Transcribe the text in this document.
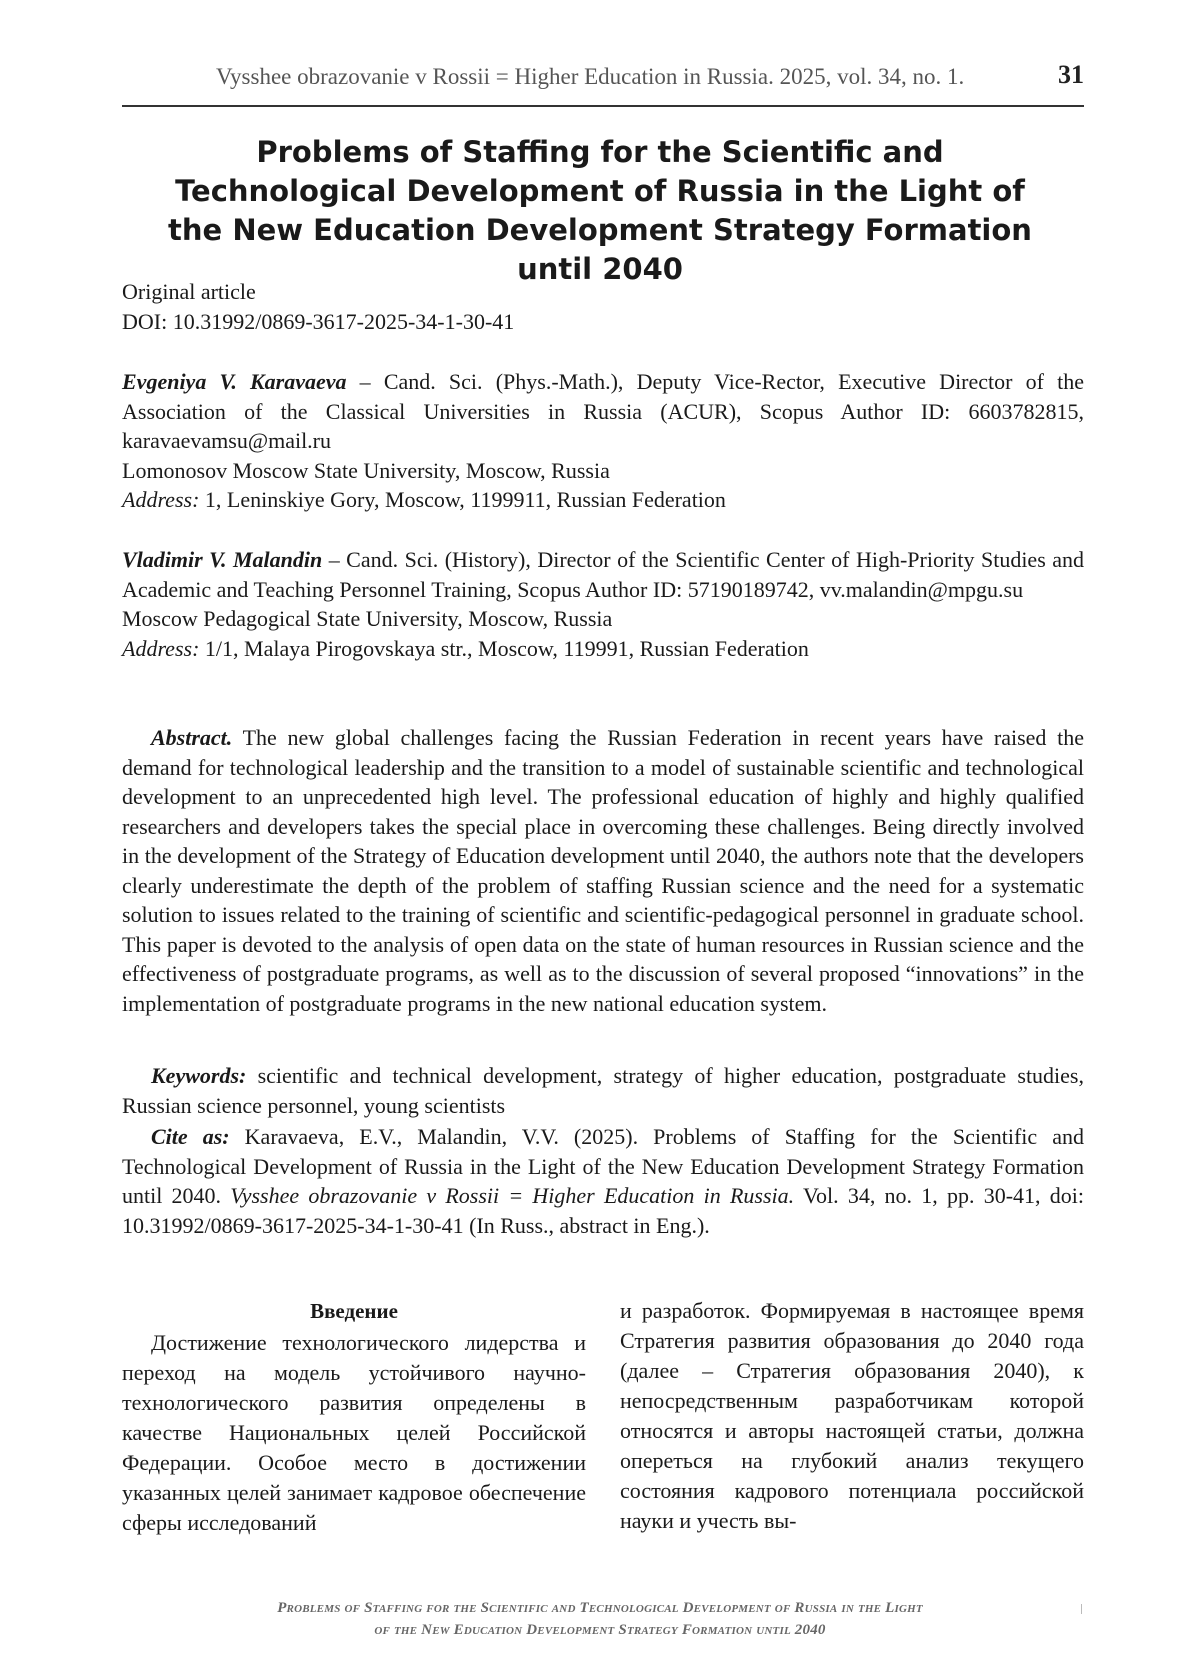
Vysshee obrazovanie v Rossii = Higher Education in Russia. 2025, vol. 34, no. 1.	31
Problems of Staffing for the Scientific and Technological Development of Russia in the Light of the New Education Development Strategy Formation until 2040

Original article

DOI: 10.31992/0869-3617-2025-34-1-30-41

Evgeniya V. Karavaeva – Cand. Sci. (Phys.-Math.), Deputy Vice-Rector, Executive Director of the Association of the Classical Universities in Russia (ACUR), Scopus Author ID: 6603782815, karavaevamsu@mail.ru

Lomonosov Moscow State University, Moscow, Russia

Address: 1, Leninskiye Gory, Moscow, 1199911, Russian Federation

Vladimir V. Malandin – Cand. Sci. (History), Director of the Scientific Center of High-Priority Studies and Academic and Teaching Personnel Training, Scopus Author ID: 57190189742, vv.malandin@mpgu.su

Moscow Pedagogical State University, Moscow, Russia

Address: 1/1, Malaya Pirogovskaya str., Moscow, 119991, Russian Federation

Abstract. The new global challenges facing the Russian Federation in recent years have raised the demand for technological leadership and the transition to a model of sustainable scientific and technological development to an unprecedented high level. The professional education of highly and highly qualified researchers and developers takes the special place in overcoming these challenges. Being directly involved in the development of the Strategy of Education development until 2040, the authors note that the developers clearly underestimate the depth of the problem of staffing Russian science and the need for a systematic solution to issues related to the training of scientific and scientific-pedagogical personnel in graduate school. This paper is devoted to the analysis of open data on the state of human resources in Russian science and the effectiveness of postgraduate programs, as well as to the discussion of several proposed “innovations” in the implementation of postgraduate programs in the new national education system.

Keywords: scientific and technical development, strategy of higher education, postgraduate studies, Russian science personnel, young scientists

Cite as: Karavaeva, E.V., Malandin, V.V. (2025). Problems of Staffing for the Scientific and Technological Development of Russia in the Light of the New Education Development Strategy Formation until 2040. Vysshee obrazovanie v Rossii = Higher Education in Russia. Vol. 34, no. 1, pp. 30-41, doi: 10.31992/0869-3617-2025-34-1-30-41 (In Russ., abstract in Eng.).

Введение

Достижение технологического лидерства и переход на модель устойчивого научно-технологического развития определены в качестве Национальных целей Российской Федерации. Особое место в достижении указанных целей занимает кадровое обеспечение сферы исследований

и разработок. Формируемая в настоящее время Стратегия развития образования до 2040 года (далее – Стратегия образования 2040), к непосредственным разработчикам которой относятся и авторы настоящей статьи, должна опереться на глубокий анализ текущего состояния кадрового потенциала российской науки и учесть вы-

Problems of Staffing for the Scientific and Technological Development of Russia in the Light
of the New Education Development Strategy Formation until 2040
